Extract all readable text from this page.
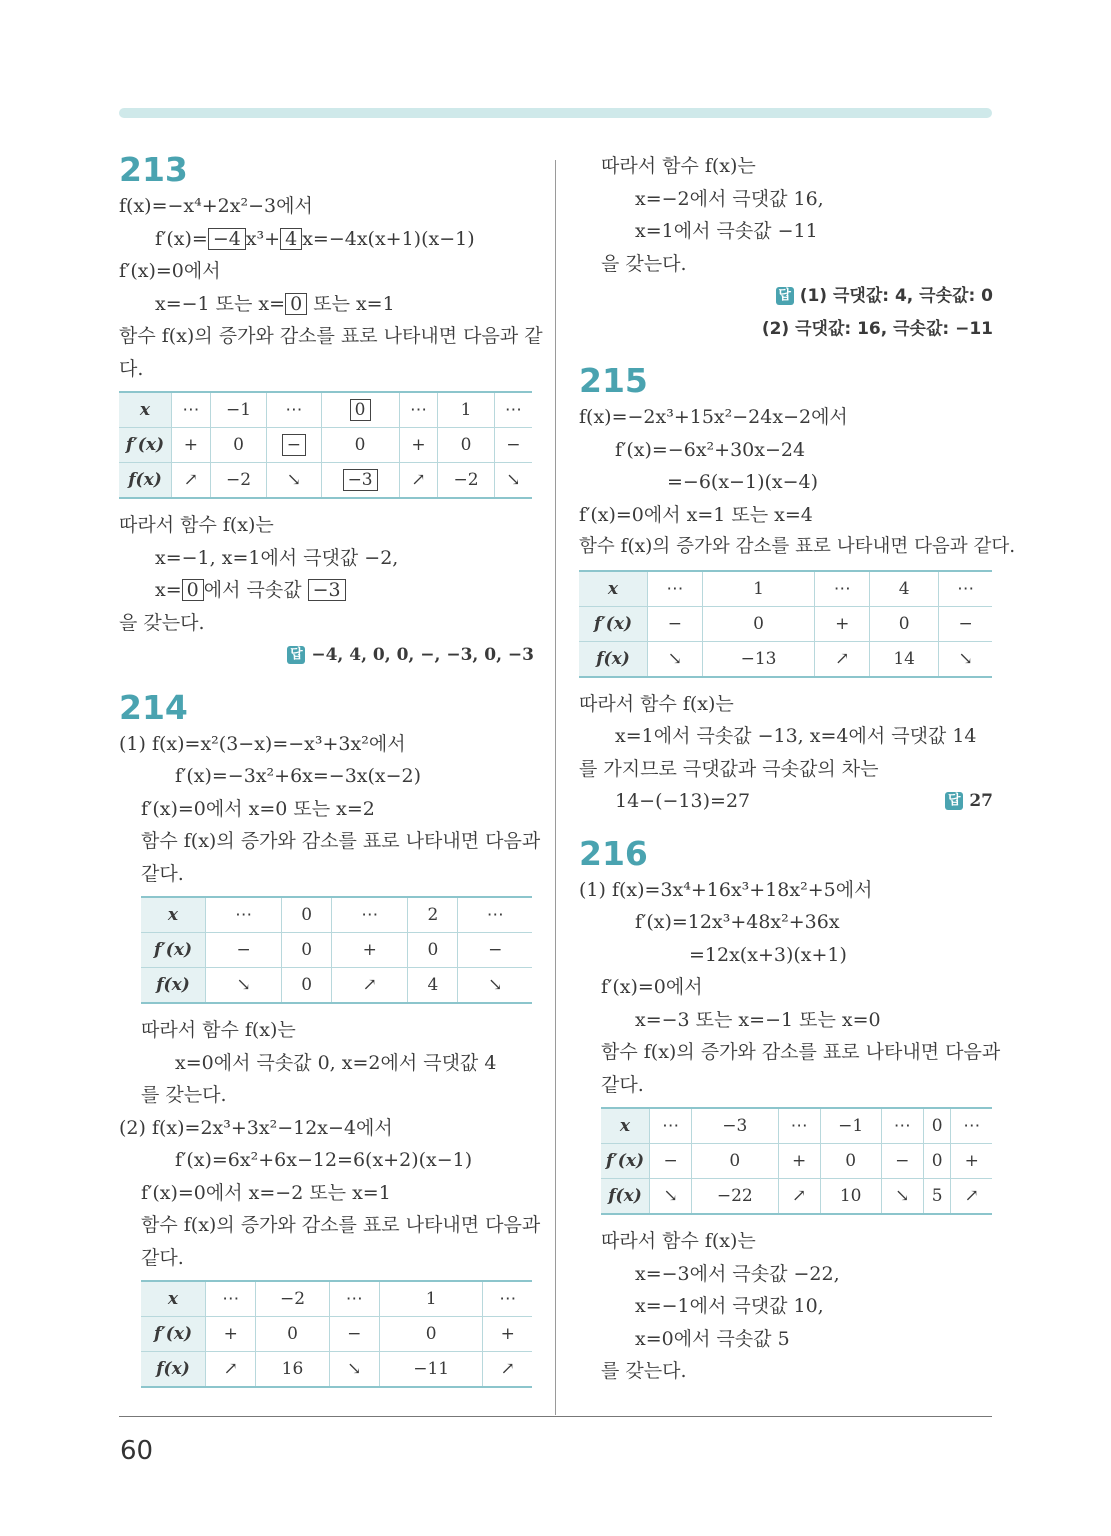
213
f(x)=−x⁴+2x²−3에서
f′(x)= −4 x³+ 4 x=−4x(x+1)(x−1)
f′(x)=0에서
x=−1 또는 x= 0 또는 x=1
함수 f(x)의 증가와 감소를 표로 나타내면 다음과 같
다.
x	⋯	−1	⋯	0	⋯	1	⋯
f′(x)	+	0	−	0	+	0	−
f(x)	↗	−2	↘	−3	↗	−2	↘
따라서 함수 f(x)는
x=−1, x=1에서 극댓값 −2,
x= 0 에서 극솟값 −3
을 갖는다.
답 −4, 4, 0, 0, −, −3, 0, −3
214
(1) f(x)=x²(3−x)=−x³+3x²에서
f′(x)=−3x²+6x=−3x(x−2)
f′(x)=0에서 x=0 또는 x=2
함수 f(x)의 증가와 감소를 표로 나타내면 다음과
같다.
x	⋯	0	⋯	2	⋯
f′(x)	−	0	+	0	−
f(x)	↘	0	↗	4	↘
따라서 함수 f(x)는
x=0에서 극솟값 0, x=2에서 극댓값 4
를 갖는다.
(2) f(x)=2x³+3x²−12x−4에서
f′(x)=6x²+6x−12=6(x+2)(x−1)
f′(x)=0에서 x=−2 또는 x=1
함수 f(x)의 증가와 감소를 표로 나타내면 다음과
같다.
x	⋯	−2	⋯	1	⋯
f′(x)	+	0	−	0	+
f(x)	↗	16	↘	−11	↗
따라서 함수 f(x)는
x=−2에서 극댓값 16,
x=1에서 극솟값 −11
을 갖는다.
답 (1) 극댓값: 4, 극솟값: 0
(2) 극댓값: 16, 극솟값: −11
215
f(x)=−2x³+15x²−24x−2에서
f′(x)=−6x²+30x−24
=−6(x−1)(x−4)
f′(x)=0에서 x=1 또는 x=4
함수 f(x)의 증가와 감소를 표로 나타내면 다음과 같다.
x	⋯	1	⋯	4	⋯
f′(x)	−	0	+	0	−
f(x)	↘	−13	↗	14	↘
따라서 함수 f(x)는
x=1에서 극솟값 −13, x=4에서 극댓값 14
를 가지므로 극댓값과 극솟값의 차는
14−(−13)=27	답 27
216
(1) f(x)=3x⁴+16x³+18x²+5에서
f′(x)=12x³+48x²+36x
=12x(x+3)(x+1)
f′(x)=0에서
x=−3 또는 x=−1 또는 x=0
함수 f(x)의 증가와 감소를 표로 나타내면 다음과
같다.
x	⋯	−3	⋯	−1	⋯	0	⋯
f′(x)	−	0	+	0	−	0	+
f(x)	↘	−22	↗	10	↘	5	↗
따라서 함수 f(x)는
x=−3에서 극솟값 −22,
x=−1에서 극댓값 10,
x=0에서 극솟값 5
를 갖는다.
60
